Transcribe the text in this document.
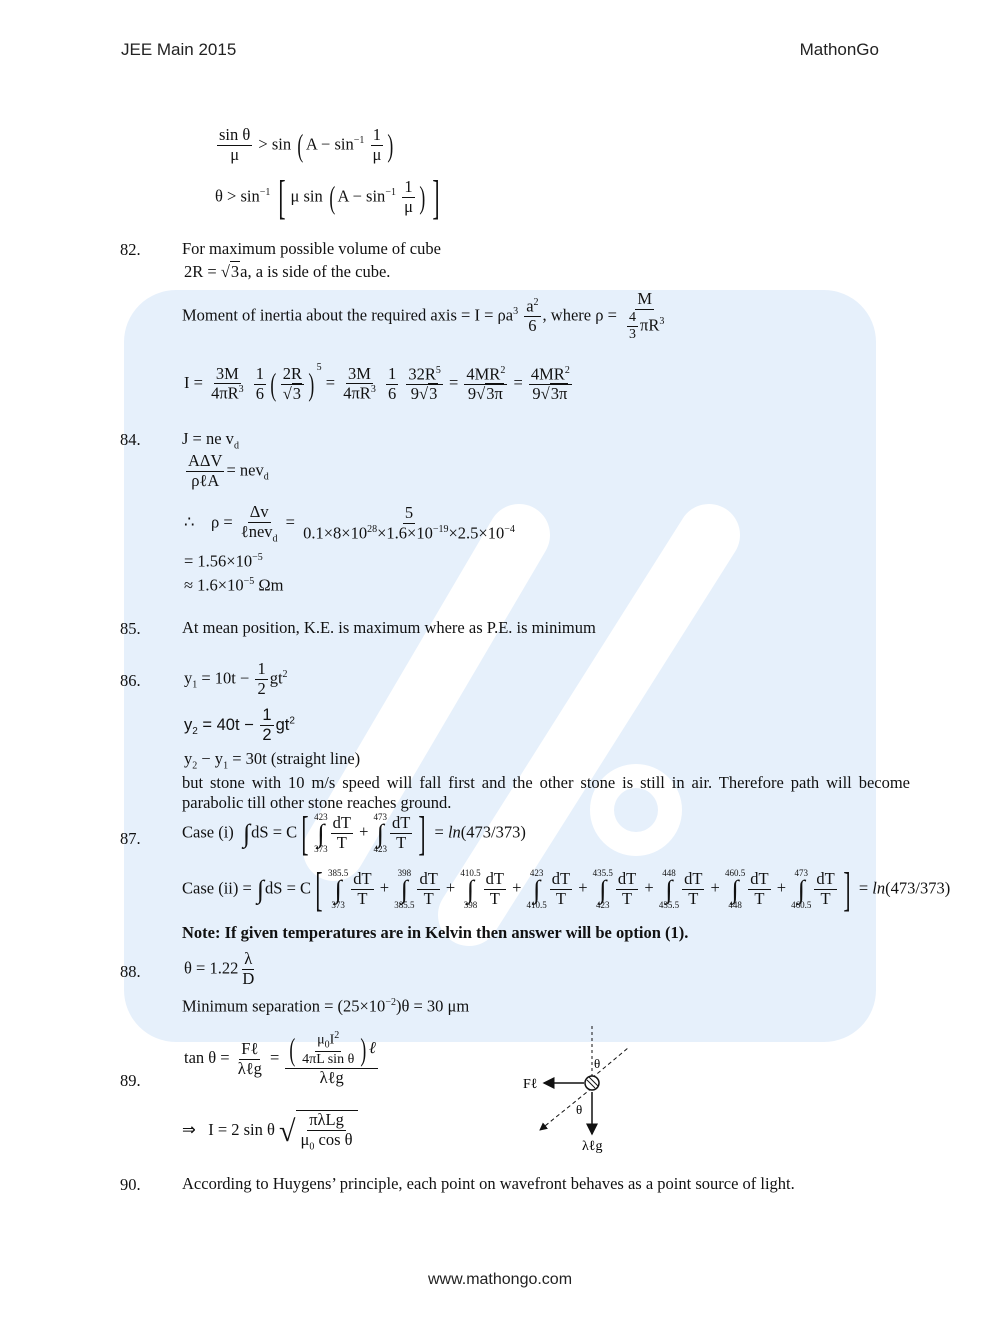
JEE Main 2015	MathonGo
$\frac{\text{sin θ}}{\mu} > \sin$ ( $A - \sin^{-1} \frac{1}{\mu}$ )
$\theta > \sin^{-1}$ [ μ sin ( $A - \sin^{-1} \frac{1}{\mu}$ ) ]
82.	For maximum possible volume of cube
2R = √3a, a is side of the cube.
Moment of inertia about the required axis = $I = \rho a^3 \frac{a^2}{6}$ , where $\rho = \frac{M}{\frac{4}{3} \pi R^3}$
$I = \frac{3M}{4\pi R^3}$
$\frac{1}{6}$ ( $\frac{2R}{√3}$ ) $^5 = \frac{3M}{4\pi R^3}$
$\frac{1}{6}$
$\frac{32R^5}{9√3} = \frac{4MR^2}{9√3\pi} = \frac{4MR^2}{9√3\pi}$
84.	J = ne $v_d$
$\frac{\text{AΔV}}{\text{ρℓA}} = nev_d$
∴ $\rho = \frac{\Delta v}{\ell nev_d} = \frac{5}{0.1\times 8\times 10^{28}\times 1.6\times 10^{-19}\times 2.5\times 10^{-4}}$
= $1.56\times 10^{-5}$
≈ $1.6\times 10^{-5}$ Ωm
85.	At mean position, K.E. is maximum where as P.E. is minimum
86.	$y_1 = 10t - \frac{1}{2} gt^2$
$y_2 = 40t - \frac{1}{2} gt^2$
$y_2 - y_1 = 30t$ (straight line)
but stone with 10 m/s speed will fall first and the other stone is still in air. Therefore path will become parabolic till other stone reaches ground.
87.	Case (i) ∫ dS = C[ 423
∫
$373 \frac{dT}{T}$ +
473
∫
$423 \frac{dT}{T}$ ] = ln(473/373)
Case (ii) = ∫ dS = C[ 385.5
∫
$373 \frac{dT}{T}$ +
398
∫
$385.5 \frac{dT}{T}$ +
410.5
∫
$398 \frac{dT}{T}$ +
423
∫
$410.5 \frac{dT}{T}$ +
435.5
∫
$423 \frac{dT}{T}$ +
448
∫
$435.5 \frac{dT}{T}$ +
460.5
∫
$448 \frac{dT}{T}$ +
473
∫
$460.5 \frac{dT}{T}$ ] = ln(473/373)
Note: If given temperatures are in Kelvin then answer will be option (1).
88.	$\theta = 1.22 \frac{\lambda}{D}$
Minimum separation = $(25\times 10^{-2})\theta = 30$ μm
89.
$\tan \theta = \frac{\text{Fℓ}}{\text{λℓg}} = \frac{( \frac{\mu_0I^2}{\text{4πL sin θ}} ) \ell}{\text{λℓg}}$
⇒ I = 2 sin θ √ $\frac{\text{πλLg}}{\mu_0 \cos \theta}$
Fℓ
θ
θ
λℓg
90.	According to Huygens’ principle, each point on wavefront behaves as a point source of light.
www.mathongo.com
